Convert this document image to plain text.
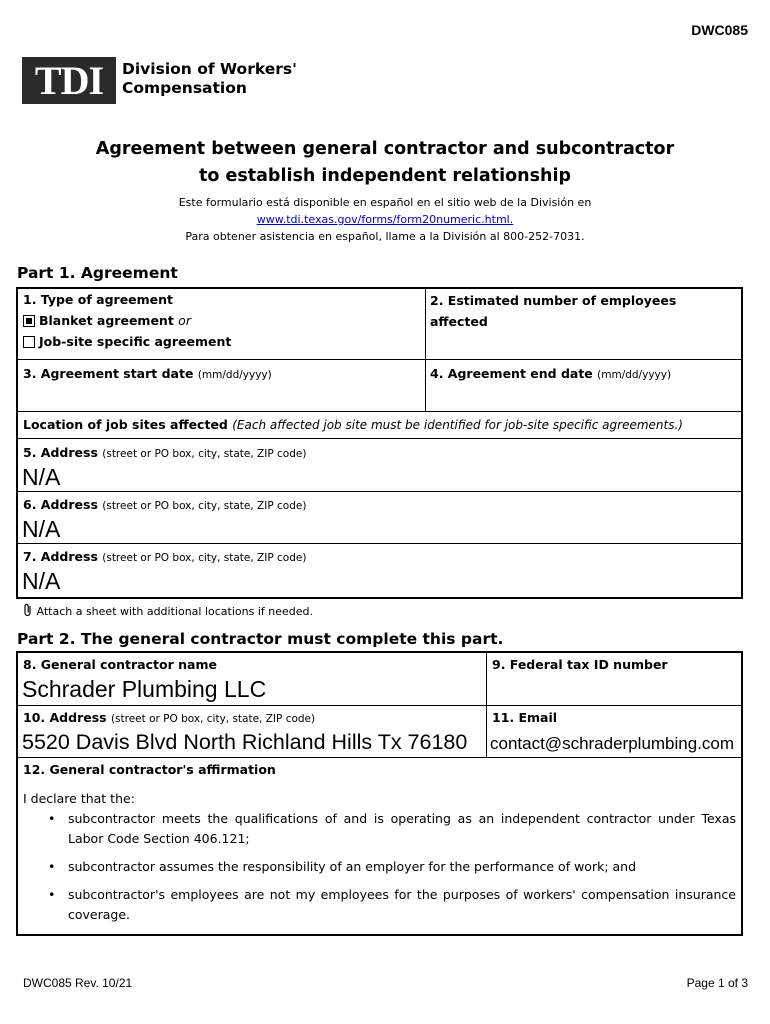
DWC085
TDI	Division of Workers'
Compensation
Agreement between general contractor and subcontractor
to establish independent relationship
Este formulario está disponible en español en el sitio web de la División en
www.tdi.texas.gov/forms/form20numeric.html.
Para obtener asistencia en español, llame a la División al 800-252-7031.
Part 1. Agreement
1. Type of agreement
Blanket agreement or
Job-site specific agreement
2. Estimated number of employees
affected
3. Agreement start date (mm/dd/yyyy)	4. Agreement end date (mm/dd/yyyy)
Location of job sites affected (Each affected job site must be identified for job-site specific agreements.)
5. Address (street or PO box, city, state, ZIP code)
N/A
6. Address (street or PO box, city, state, ZIP code)
N/A
7. Address (street or PO box, city, state, ZIP code)
N/A
Attach a sheet with additional locations if needed.
Part 2. The general contractor must complete this part.
8. General contractor name
Schrader Plumbing LLC
9. Federal tax ID number
10. Address (street or PO box, city, state, ZIP code)
5520 Davis Blvd North Richland Hills Tx 76180
11. Email
contact@schraderplumbing.com
12. General contractor's affirmation
I declare that the:
• subcontractor meets the qualifications of and is operating as an independent contractor under Texas Labor Code Section 406.121;
• subcontractor assumes the responsibility of an employer for the performance of work; and
• subcontractor's employees are not my employees for the purposes of workers' compensation insurance coverage.
DWC085 Rev. 10/21	Page 1 of 3
